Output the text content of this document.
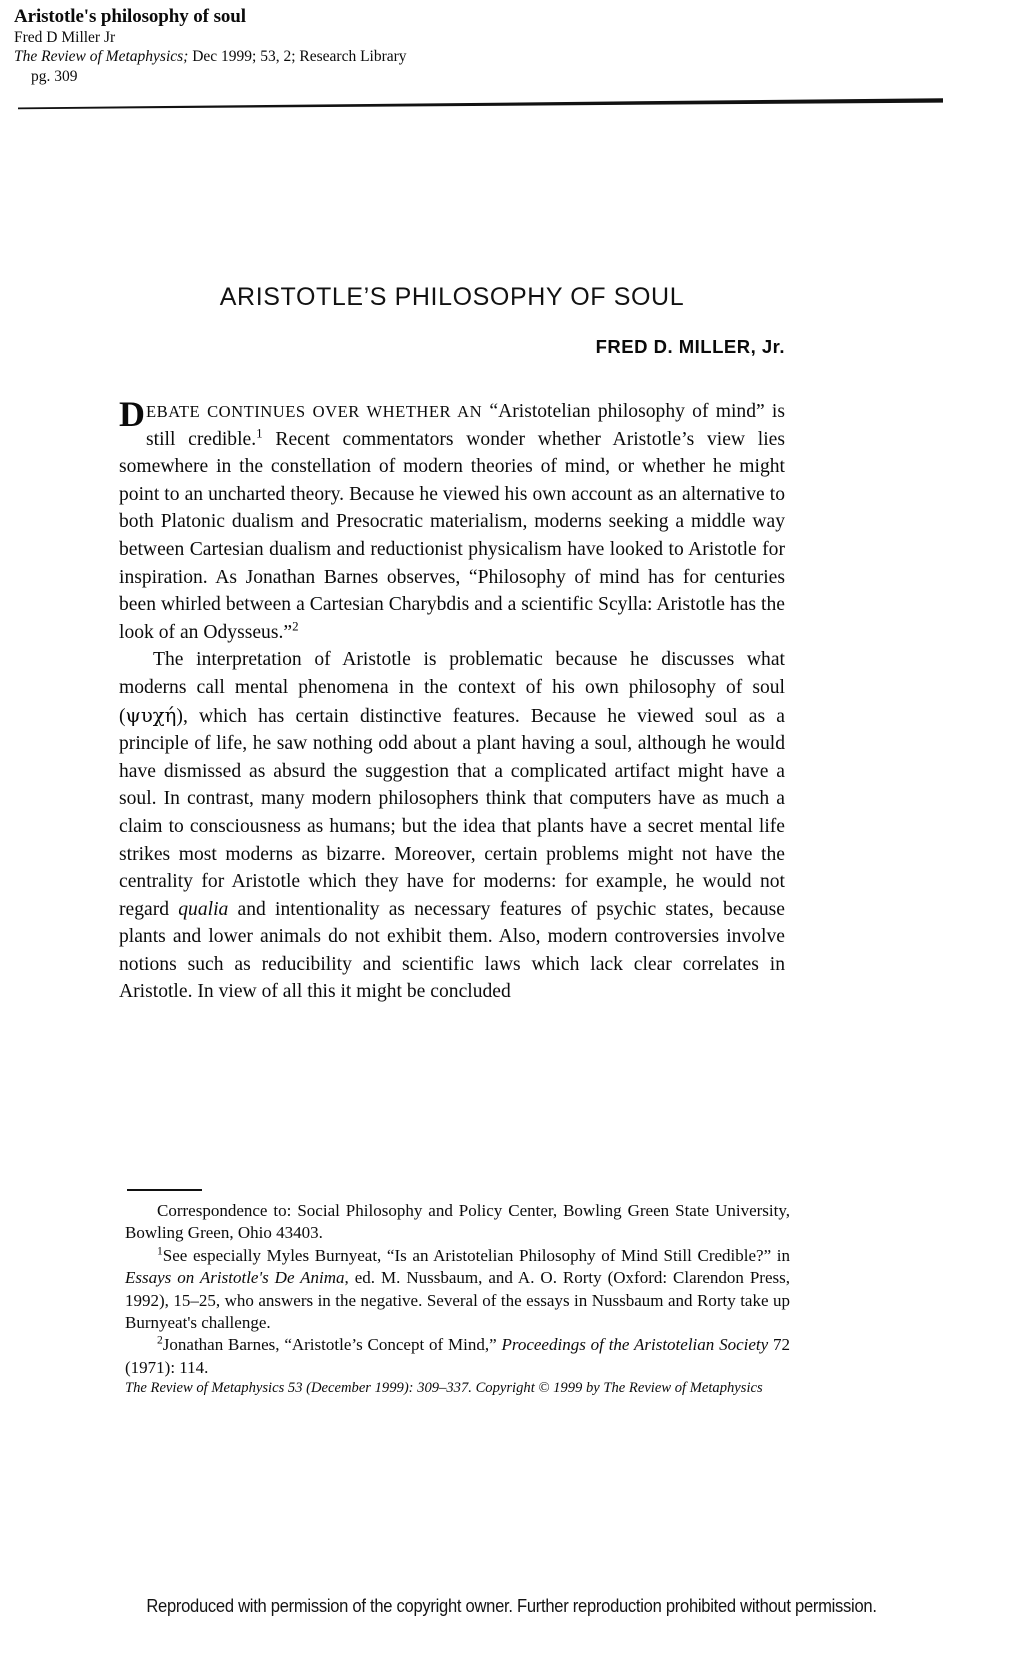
Aristotle's philosophy of soul
Fred D Miller Jr
The Review of Metaphysics; Dec 1999; 53, 2; Research Library
pg. 309
ARISTOTLE’S PHILOSOPHY OF SOUL
FRED D. MILLER, Jr.

DEBATE CONTINUES OVER WHETHER AN “Aristotelian philosophy of mind” is still credible.$^1$ Recent commentators wonder whether Aristotle’s view lies somewhere in the constellation of modern theories of mind, or whether he might point to an uncharted theory. Because he viewed his own account as an alternative to both Platonic dualism and Presocratic materialism, moderns seeking a middle way between Cartesian dualism and reductionist physicalism have looked to Aristotle for inspiration. As Jonathan Barnes observes, “Philosophy of mind has for centuries been whirled between a Cartesian Charybdis and a scientific Scylla: Aristotle has the look of an Odysseus.”$^2$

The interpretation of Aristotle is problematic because he discusses what moderns call mental phenomena in the context of his own philosophy of soul (ψυχή), which has certain distinctive features. Because he viewed soul as a principle of life, he saw nothing odd about a plant having a soul, although he would have dismissed as absurd the suggestion that a complicated artifact might have a soul. In contrast, many modern philosophers think that computers have as much a claim to consciousness as humans; but the idea that plants have a secret mental life strikes most moderns as bizarre. Moreover, certain problems might not have the centrality for Aristotle which they have for moderns: for example, he would not regard qualia and intentionality as necessary features of psychic states, because plants and lower animals do not exhibit them. Also, modern controversies involve notions such as reducibility and scientific laws which lack clear correlates in Aristotle. In view of all this it might be concluded

Correspondence to: Social Philosophy and Policy Center, Bowling Green State University, Bowling Green, Ohio 43403.

$^1$See especially Myles Burnyeat, “Is an Aristotelian Philosophy of Mind Still Credible?” in Essays on Aristotle's De Anima, ed. M. Nussbaum, and A. O. Rorty (Oxford: Clarendon Press, 1992), 15–25, who answers in the negative. Several of the essays in Nussbaum and Rorty take up Burnyeat's challenge.

$^2$Jonathan Barnes, “Aristotle’s Concept of Mind,” Proceedings of the Aristotelian Society 72 (1971): 114.

The Review of Metaphysics 53 (December 1999): 309–337. Copyright © 1999 by The Review of Metaphysics

Reproduced with permission of the copyright owner. Further reproduction prohibited without permission.
